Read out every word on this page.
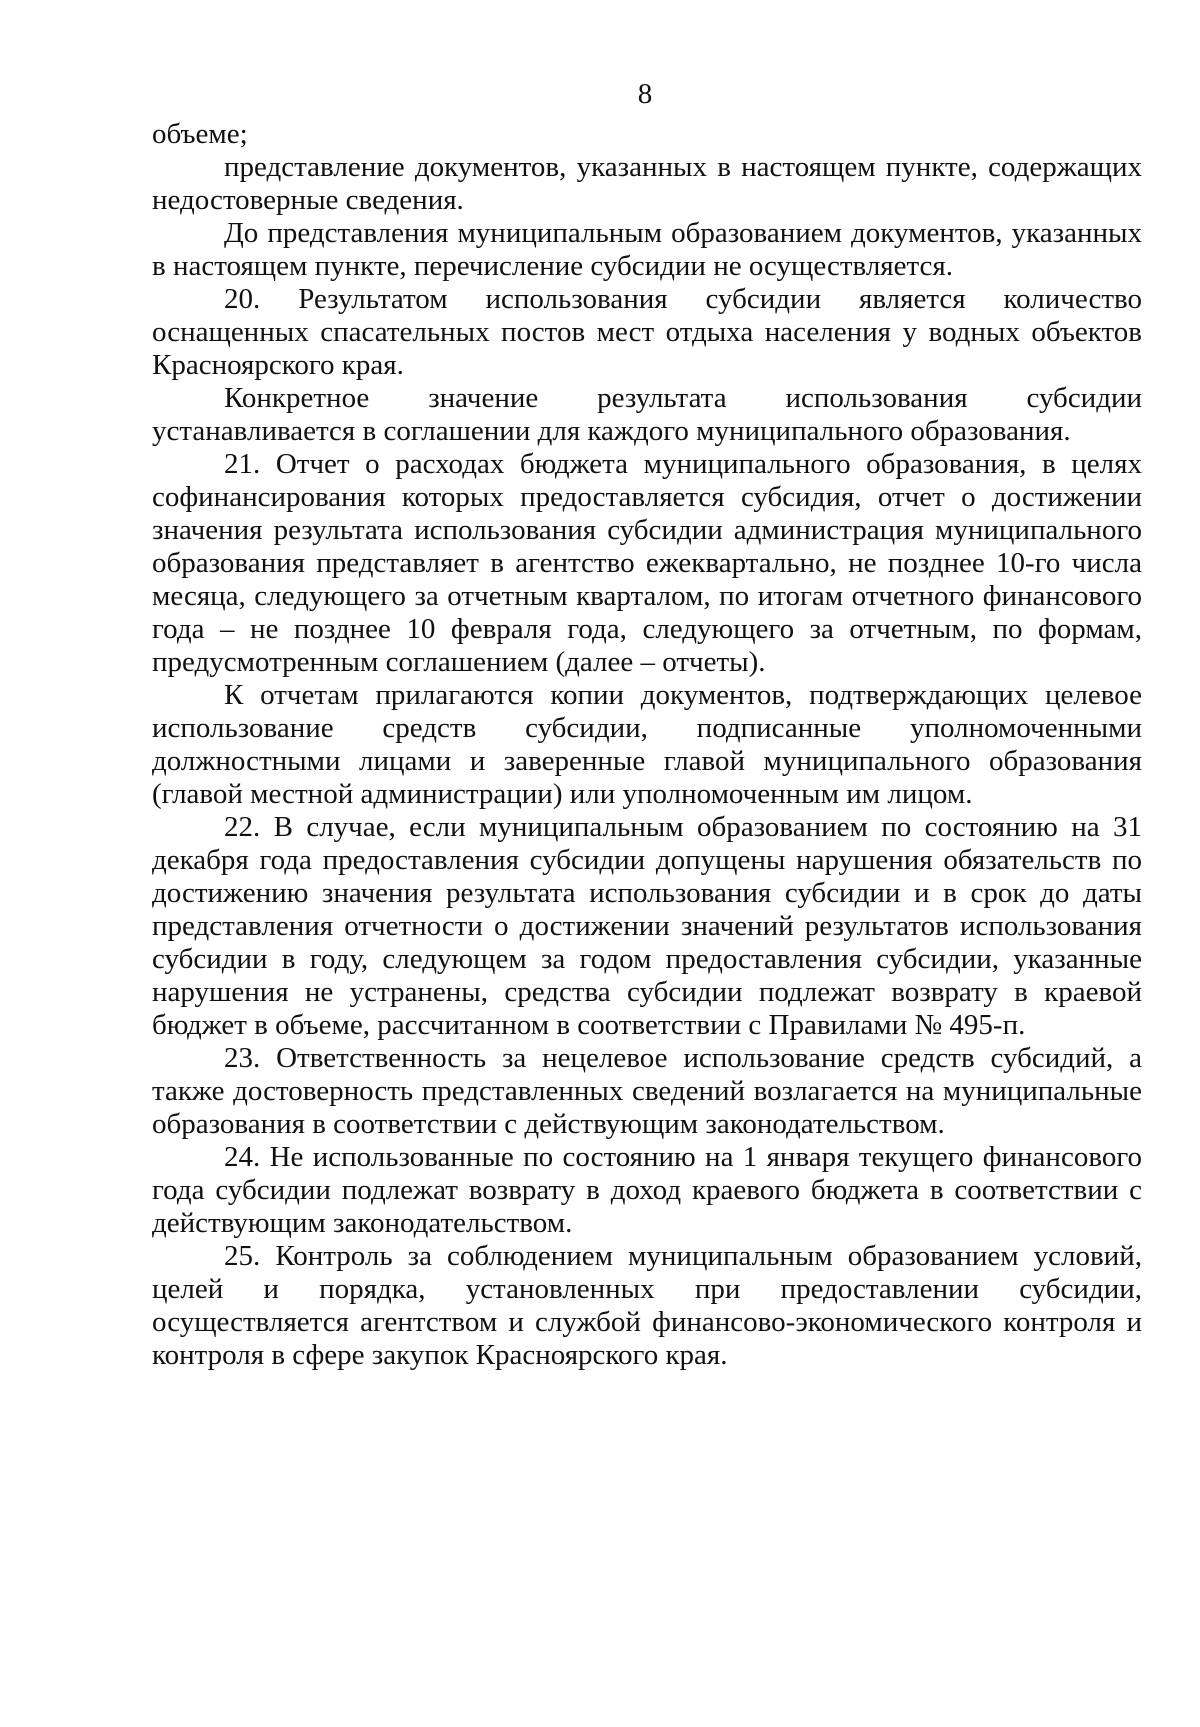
8

объеме;

представление документов, указанных в настоящем пункте, содержащих недостоверные сведения.

До представления муниципальным образованием документов, указанных в настоящем пункте, перечисление субсидии не осуществляется.

20. Результатом использования субсидии является количество оснащенных спасательных постов мест отдыха населения у водных объектов Красноярского края.

Конкретное значение результата использования субсидии устанавливается в соглашении для каждого муниципального образования.

21. Отчет о расходах бюджета муниципального образования, в целях софинансирования которых предоставляется субсидия, отчет о достижении значения результата использования субсидии администрация муниципального образования представляет в агентство ежеквартально, не позднее 10-го числа месяца, следующего за отчетным кварталом, по итогам отчетного финансового года – не позднее 10 февраля года, следующего за отчетным, по формам, предусмотренным соглашением (далее – отчеты).

К отчетам прилагаются копии документов, подтверждающих целевое использование средств субсидии, подписанные уполномоченными должностными лицами и заверенные главой муниципального образования (главой местной администрации) или уполномоченным им лицом.

22. В случае, если муниципальным образованием по состоянию на 31 декабря года предоставления субсидии допущены нарушения обязательств по достижению значения результата использования субсидии и в срок до даты представления отчетности о достижении значений результатов использования субсидии в году, следующем за годом предоставления субсидии, указанные нарушения не устранены, средства субсидии подлежат возврату в краевой бюджет в объеме, рассчитанном в соответствии с Правилами № 495-п.

23. Ответственность за нецелевое использование средств субсидий, а также достоверность представленных сведений возлагается на муниципальные образования в соответствии с действующим законодательством.

24. Не использованные по состоянию на 1 января текущего финансового года субсидии подлежат возврату в доход краевого бюджета в соответствии с действующим законодательством.

25. Контроль за соблюдением муниципальным образованием условий, целей и порядка, установленных при предоставлении субсидии, осуществляется агентством и службой финансово-экономического контроля и контроля в сфере закупок Красноярского края.
